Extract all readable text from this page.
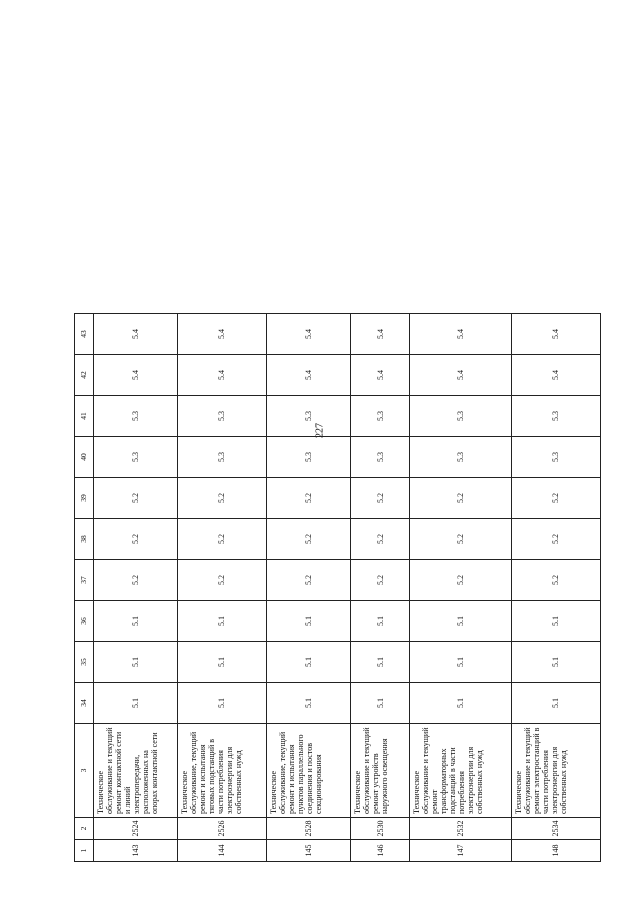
227
1	2	3	34	35	36	37	38	39	40	41	42	43
143	2524	Техническое обслуживание и текущий ремонт контактной сети и линий электропередачи, расположенных на опорах контактной сети	5.1	5.1	5.1	5.2	5.2	5.2	5.3	5.3	5.4	5.4
144	2526	Техническое обслуживание, текущий ремонт и испытания тяговых подстанций в части потребления электроэнергии для собственных нужд	5.1	5.1	5.1	5.2	5.2	5.2	5.3	5.3	5.4	5.4
145	2528	Техническое обслуживание, текущий ремонт и испытания пунктов параллельного соединения и постов секционирования	5.1	5.1	5.1	5.2	5.2	5.2	5.3	5.3	5.4	5.4
146	2530	Техническое обслуживание и текущий ремонт устройств наружного освещения	5.1	5.1	5.1	5.2	5.2	5.2	5.3	5.3	5.4	5.4
147	2532	Техническое обслуживание и текущий ремонт трансформаторных подстанций в части потребления электроэнергии для собственных нужд	5.1	5.1	5.1	5.2	5.2	5.2	5.3	5.3	5.4	5.4
148	2534	Техническое обслуживание и текущий ремонт электростанций в части потребления электроэнергии для собственных нужд	5.1	5.1	5.1	5.2	5.2	5.2	5.3	5.3	5.4	5.4
